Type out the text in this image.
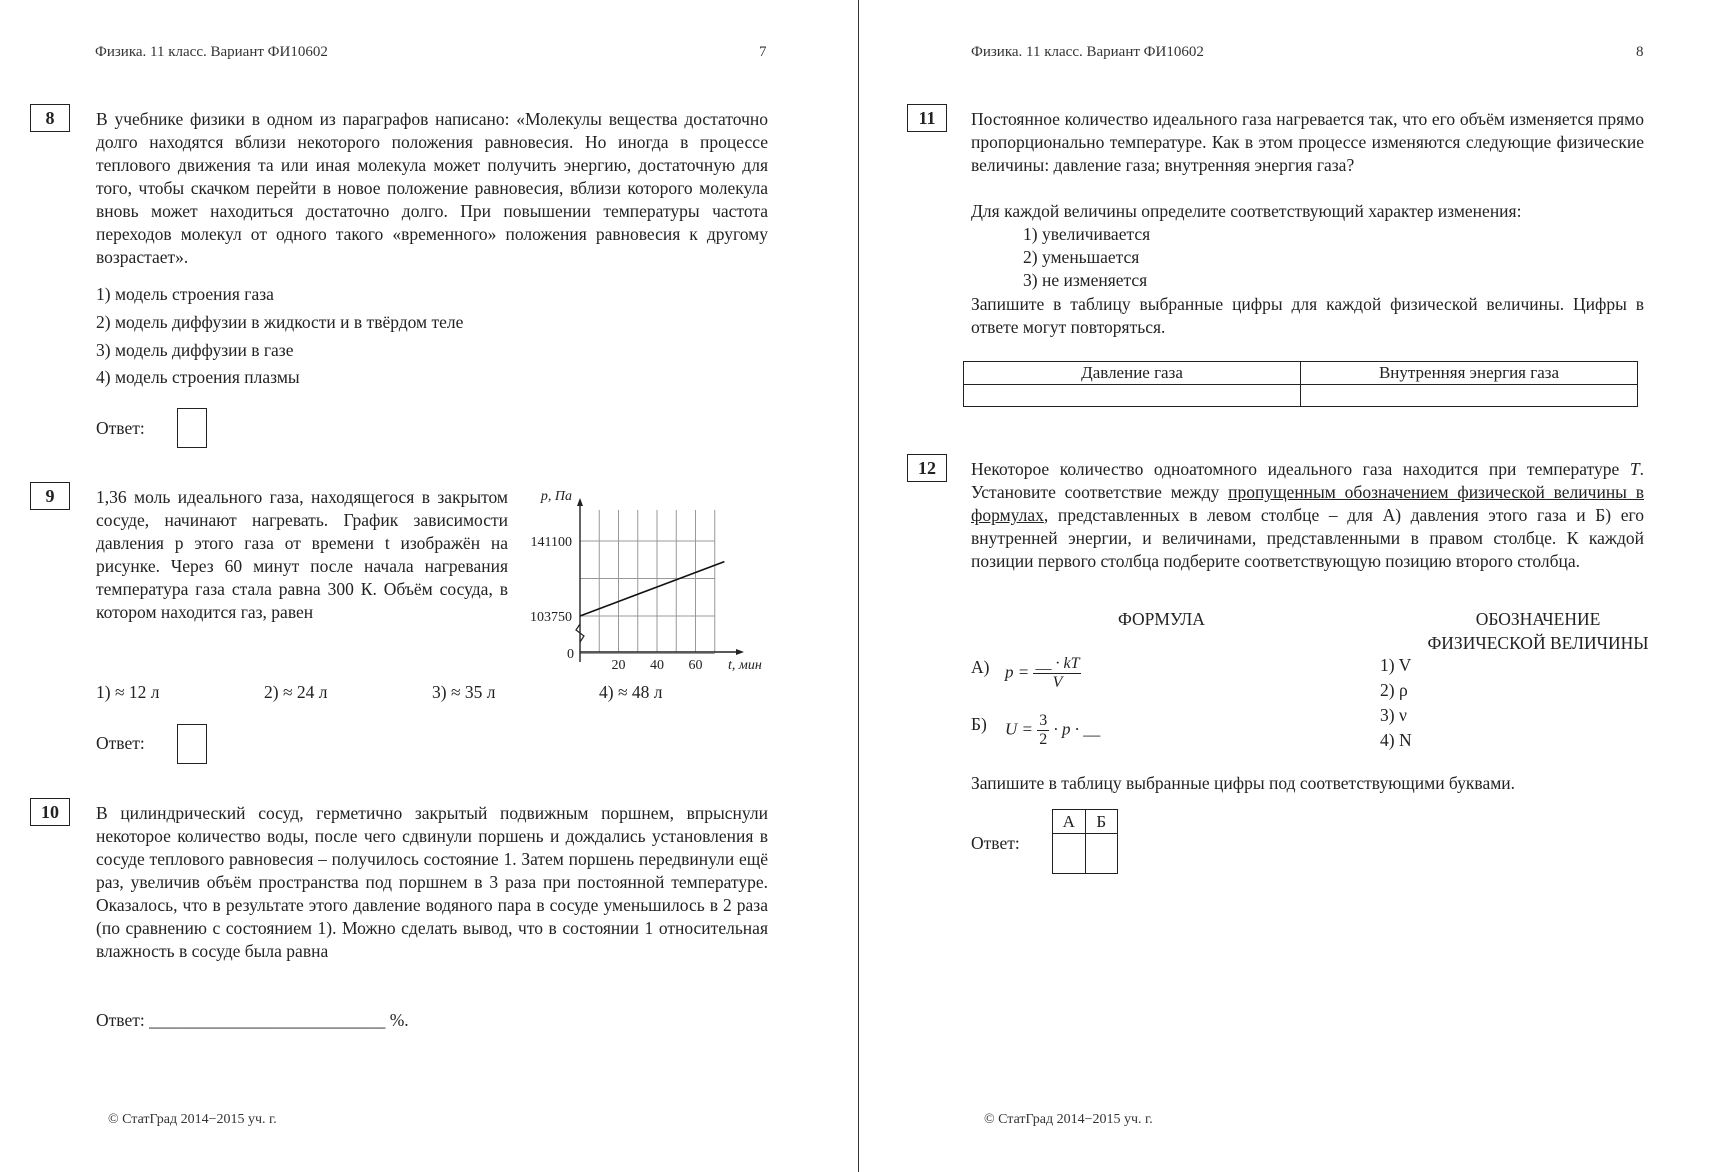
Физика. 11 класс. Вариант ФИ10602	7
8	В учебнике физики в одном из параграфов написано: «Молекулы вещества достаточно долго находятся вблизи некоторого положения равновесия. Но иногда в процессе теплового движения та или иная молекула может получить энергию, достаточную для того, чтобы скачком перейти в новое положение равновесия, вблизи которого молекула вновь может находиться достаточно долго. При повышении температуры частота переходов молекул от одного такого «временного» положения равновесия к другому возрастает».
1) модель строения газа
2) модель диффузии в жидкости и в твёрдом теле
3) модель диффузии в газе
4) модель строения плазмы
Ответ:
9	1,36 моль идеального газа, находящегося в закрытом сосуде, начинают нагревать. График зависимости давления p этого газа от времени t изображён на рисунке. Через 60 минут после начала нагревания температура газа стала равна 300 К. Объём сосуда, в котором находится газ, равен	103750
141100
0
20 40 60
p, Па
t, мин
1) ≈ 12 л	2) ≈ 24 л	3) ≈ 35 л	4) ≈ 48 л
Ответ:
10	В цилиндрический сосуд, герметично закрытый подвижным поршнем, впрыснули некоторое количество воды, после чего сдвинули поршень и дождались установления в сосуде теплового равновесия – получилось состояние 1. Затем поршень передвинули ещё раз, увеличив объём пространства под поршнем в 3 раза при постоянной температуре. Оказалось, что в результате этого давление водяного пара в сосуде уменьшилось в 2 раза (по сравнению с состоянием 1). Можно сделать вывод, что в состоянии 1 относительная влажность в сосуде была равна
Ответ: ___________________________ %.
© СтатГрад 2014−2015 уч. г.
Физика. 11 класс. Вариант ФИ10602	8
11	Постоянное количество идеального газа нагревается так, что его объём изменяется прямо пропорционально температуре. Как в этом процессе изменяются следующие физические величины: давление газа; внутренняя энергия газа?
Для каждой величины определите соответствующий характер изменения:
1) увеличивается
2) уменьшается
3) не изменяется
Запишите в таблицу выбранные цифры для каждой физической величины. Цифры в ответе могут повторяться.
Давление газа	Внутренняя энергия газа

12	Некоторое количество одноатомного идеального газа находится при температуре T. Установите соответствие между пропущенным обозначением физической величины в формулах, представленных в левом столбце – для А) давления этого газа и Б) его внутренней энергии, и величинами, представленными в правом столбце. К каждой позиции первого столбца подберите соответствующую позицию второго столбца.
ФОРМУЛА	ОБОЗНАЧЕНИЕ
ФИЗИЧЕСКОЙ ВЕЛИЧИНЫ
А) $p = \frac{\_\_ \cdot kT}{V}$
Б) $U = \frac{3}{2} \cdot p$ · __
1) V
2) ρ
3) ν
4) N
Запишите в таблицу выбранные цифры под соответствующими буквами.
Ответ:
А	Б

© СтатГрад 2014−2015 уч. г.
